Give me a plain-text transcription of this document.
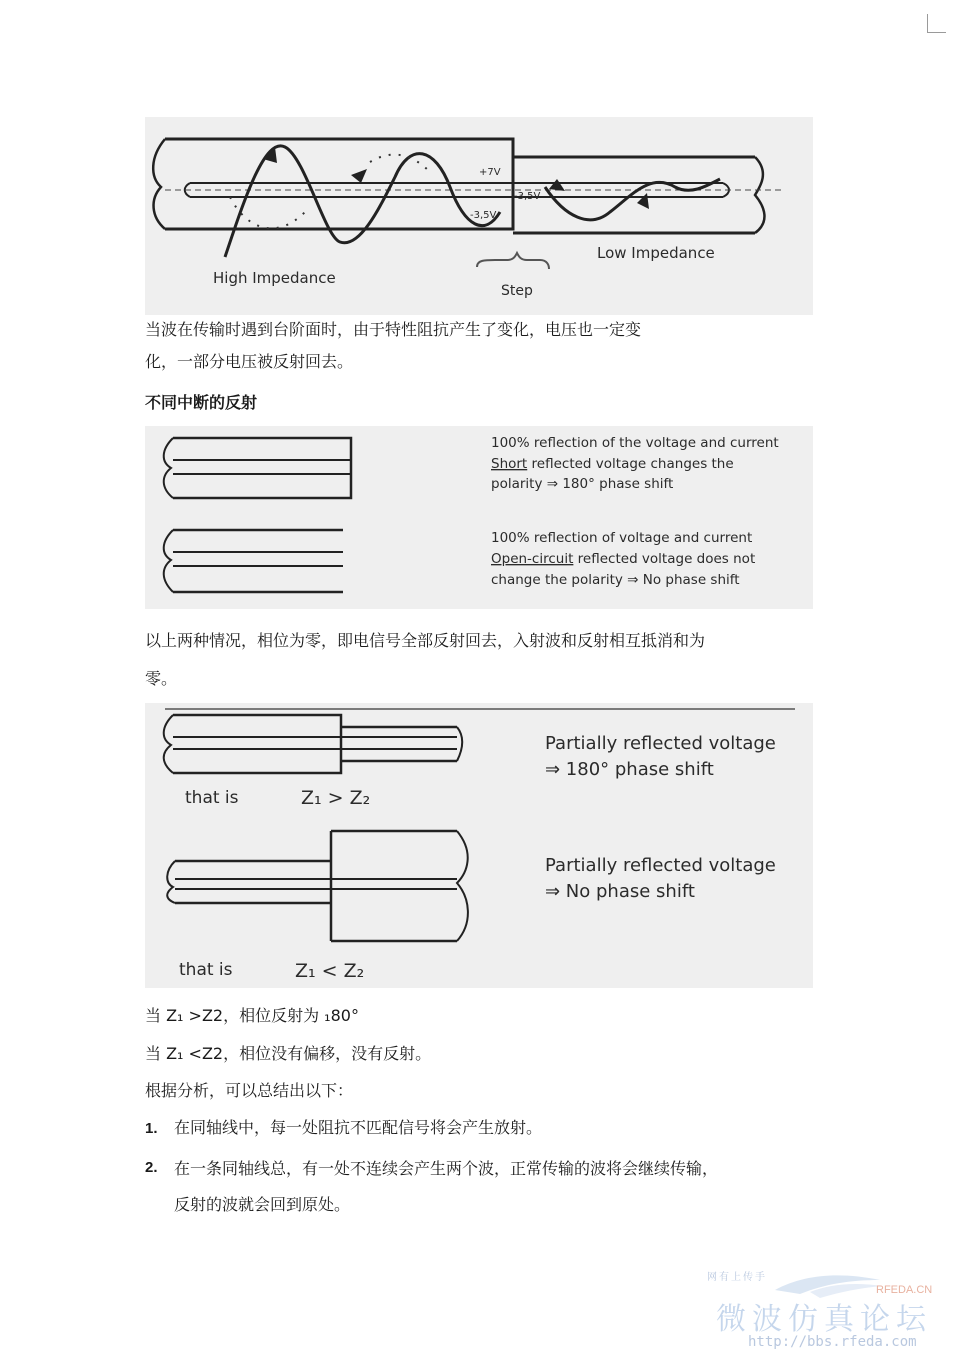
High Impedance
Low Impedance
Step
+7V
-3,5V
-3,5V
当波在传输时遇到台阶面时，由于特性阻抗产生了变化，电压也一定变
化，一部分电压被反射回去。
不同中断的反射
100% reflection of the voltage and current
Short reflected voltage changes the
polarity ⇒ 180° phase shift
100% reflection of voltage and current
Open-circuit reflected voltage does not
change the polarity ⇒ No phase shift
以上两种情况，相位为零，即电信号全部反射回去，入射波和反射相互抵消和为
零。
Partially reflected voltage
⇒ 180° phase shift
that is	Z₁ > Z₂
Partially reflected voltage
⇒ No phase shift
that is	Z₁ < Z₂
当 Z₁ >Z2，相位反射为 ₁80°
当 Z₁ <Z2，相位没有偏移，没有反射。
根据分析，可以总结出以下：
1. 在同轴线中，每一处阻抗不匹配信号将会产生放射。
2. 在一条同轴线总，有一处不连续会产生两个波，正常传输的波将会继续传输，
反射的波就会回到原处。
网有上传手
RFEDA.CN
微波仿真论坛
http://bbs.rfeda.com
